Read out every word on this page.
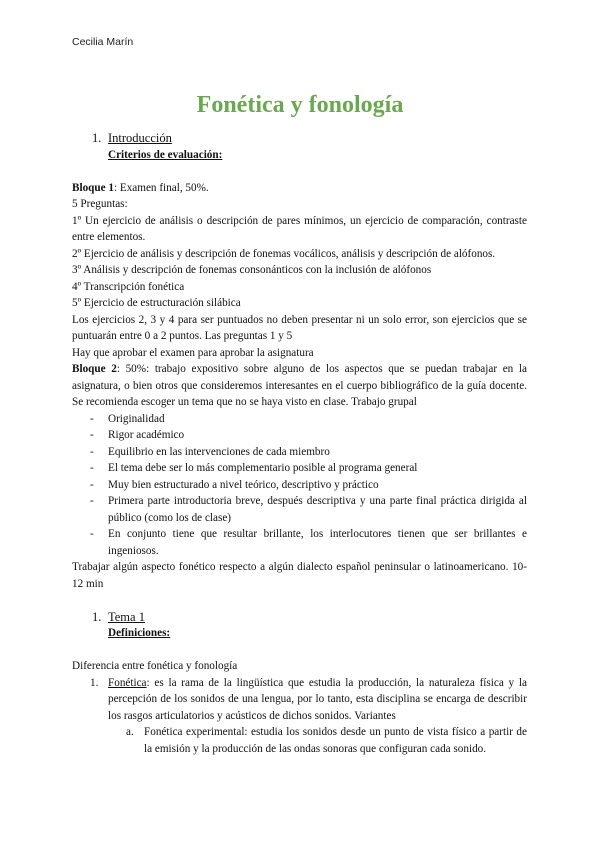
Cecilia Marín
Fonética y fonología
1. Introducción
Criterios de evaluación:

Bloque 1: Examen final, 50%.

5 Preguntas:

1º Un ejercicio de análisis o descripción de pares mínimos, un ejercicio de comparación, contraste entre elementos.

2º Ejercicio de análisis y descripción de fonemas vocálicos, análisis y descripción de alófonos.

3º Análisis y descripción de fonemas consonánticos con la inclusión de alófonos

4º Transcripción fonética

5º Ejercicio de estructuración silábica

Los ejercicios 2, 3 y 4 para ser puntuados no deben presentar ni un solo error, son ejercicios que se puntuarán entre 0 a 2 puntos. Las preguntas 1 y 5

Hay que aprobar el examen para aprobar la asignatura

Bloque 2: 50%: trabajo expositivo sobre alguno de los aspectos que se puedan trabajar en la asignatura, o bien otros que consideremos interesantes en el cuerpo bibliográfico de la guía docente. Se recomienda escoger un tema que no se haya visto en clase. Trabajo grupal

- Originalidad
- Rigor académico
- Equilibrio en las intervenciones de cada miembro
- El tema debe ser lo más complementario posible al programa general
- Muy bien estructurado a nivel teórico, descriptivo y práctico
- Primera parte introductoria breve, después descriptiva y una parte final práctica dirigida al público (como los de clase)
- En conjunto tiene que resultar brillante, los interlocutores tienen que ser brillantes e ingeniosos.

Trabajar algún aspecto fonético respecto a algún dialecto español peninsular o latinoamericano. 10-12 min

1. Tema 1
Definiciones:

Diferencia entre fonética y fonología

1. Fonética: es la rama de la lingüística que estudia la producción, la naturaleza física y la percepción de los sonidos de una lengua, por lo tanto, esta disciplina se encarga de describir los rasgos articulatorios y acústicos de dichos sonidos. Variantes
a. Fonética experimental: estudia los sonidos desde un punto de vista físico a partir de la emisión y la producción de las ondas sonoras que configuran cada sonido.
